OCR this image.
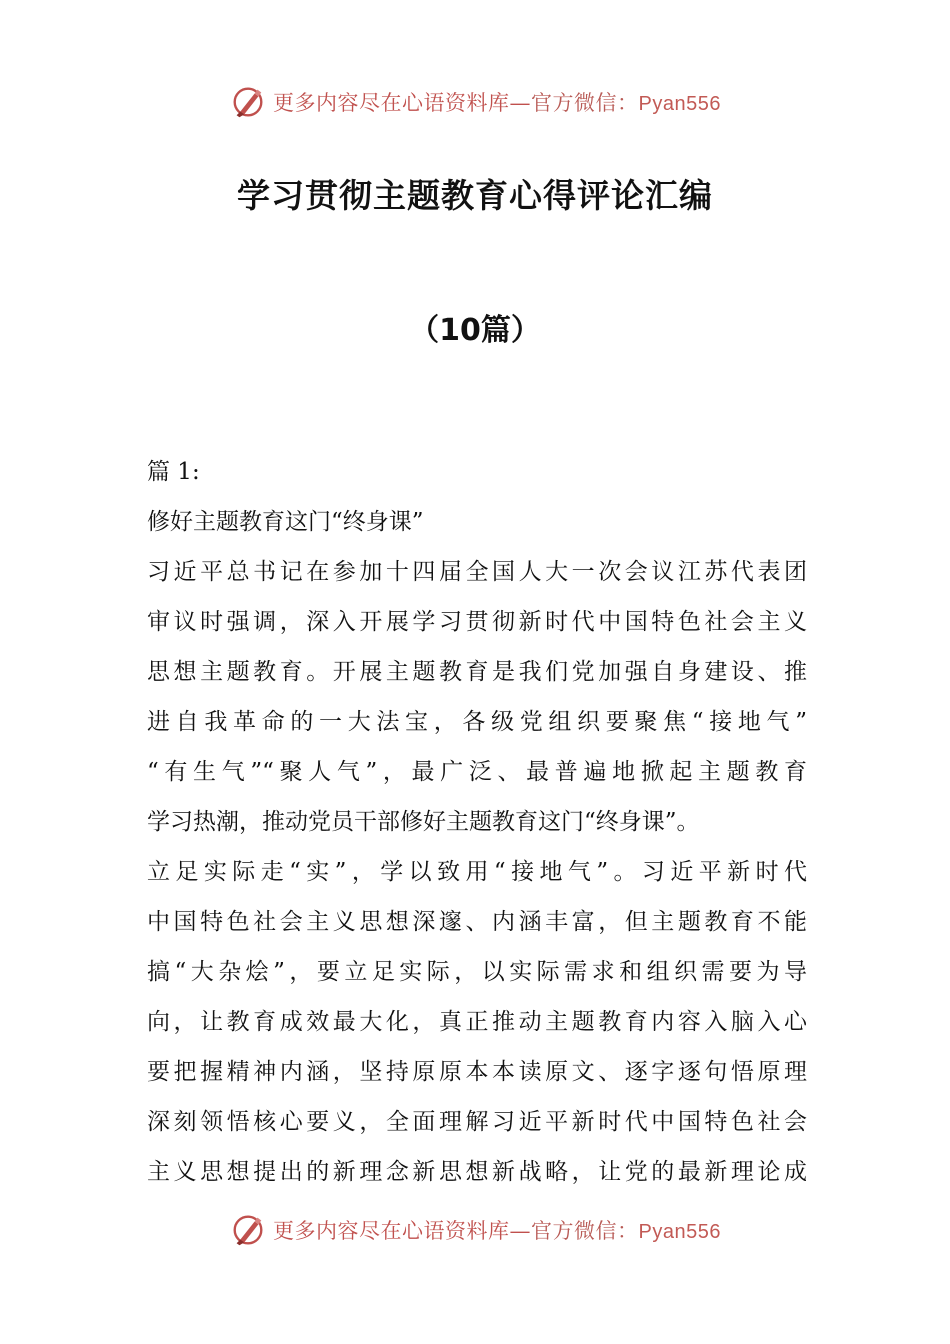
更多内容尽在心语资料库—官方微信：Pyan556
学习贯彻主题教育心得评论汇编
（10篇）
篇 1:
修好主题教育这门“终身课”
习近平总书记在参加十四届全国人大一次会议江苏代表团
审议时强调，深入开展学习贯彻新时代中国特色社会主义
思想主题教育。开展主题教育是我们党加强自身建设、推
进自我革命的一大法宝，各级党组织要聚焦“接地气”
“有生气”“聚人气”，最广泛、最普遍地掀起主题教育
学习热潮，推动党员干部修好主题教育这门“终身课”。
立足实际走“实”，学以致用“接地气”。习近平新时代
中国特色社会主义思想深邃、内涵丰富，但主题教育不能
搞“大杂烩”，要立足实际，以实际需求和组织需要为导
向，让教育成效最大化，真正推动主题教育内容入脑入心
要把握精神内涵，坚持原原本本读原文、逐字逐句悟原理
深刻领悟核心要义，全面理解习近平新时代中国特色社会
主义思想提出的新理念新思想新战略，让党的最新理论成
更多内容尽在心语资料库—官方微信：Pyan556
